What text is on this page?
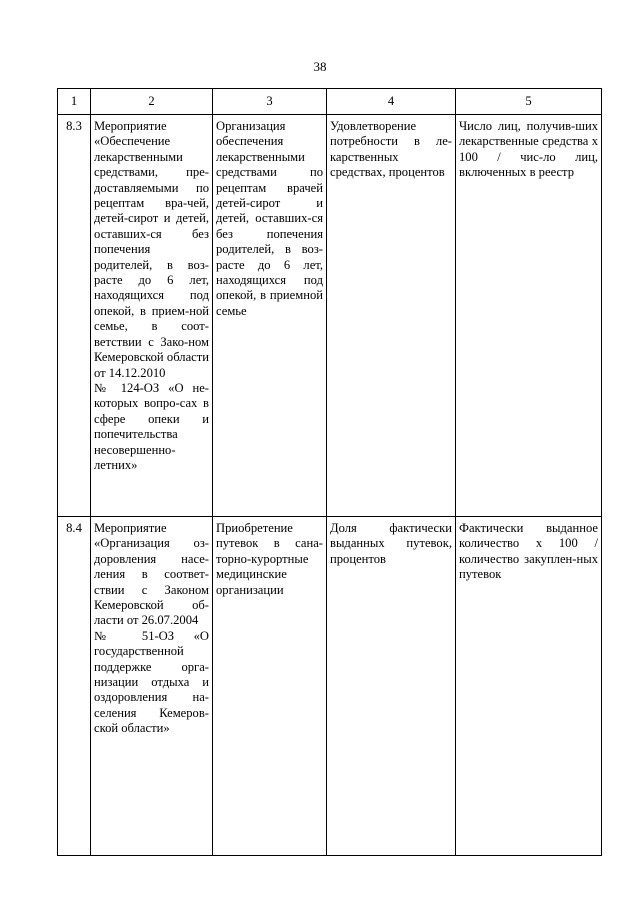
38
1	2	3	4	5
8.3	Мероприятие «Обеспечение лекарственными средствами, пре-доставляемыми по рецептам вра-чей, детей-сирот и детей, оставших-ся без попечения родителей, в воз-расте до 6 лет, находящихся под опекой, в прием-ной семье, в соот-ветствии с Зако-ном Кемеровской области от 14.12.2010
№ 124-ОЗ «О не-которых вопро-сах в сфере опеки и попечительства несовершенно-летних»	Организация обеспечения лекарственными средствами по рецептам врачей детей-сирот и детей, оставших-ся без попечения родителей, в воз-расте до 6 лет, находящихся под опекой, в приемной семье	Удовлетворение потребности в ле-карственных средствах, процентов	Число лиц, получив-ших лекарственные средства x 100 / чис-ло лиц, включенных в реестр
8.4	Мероприятие «Организация оз-доровления насе-ления в соответ-ствии с Законом Кемеровской об-ласти от 26.07.2004
№ 51-ОЗ «О государственной поддержке орга-низации отдыха и оздоровления на-селения Кемеров-ской области»	Приобретение путевок в сана-торно-курортные медицинские организации	Доля фактически выданных путевок, процентов	Фактически выданное количество x 100 / количество закуплен-ных путевок
